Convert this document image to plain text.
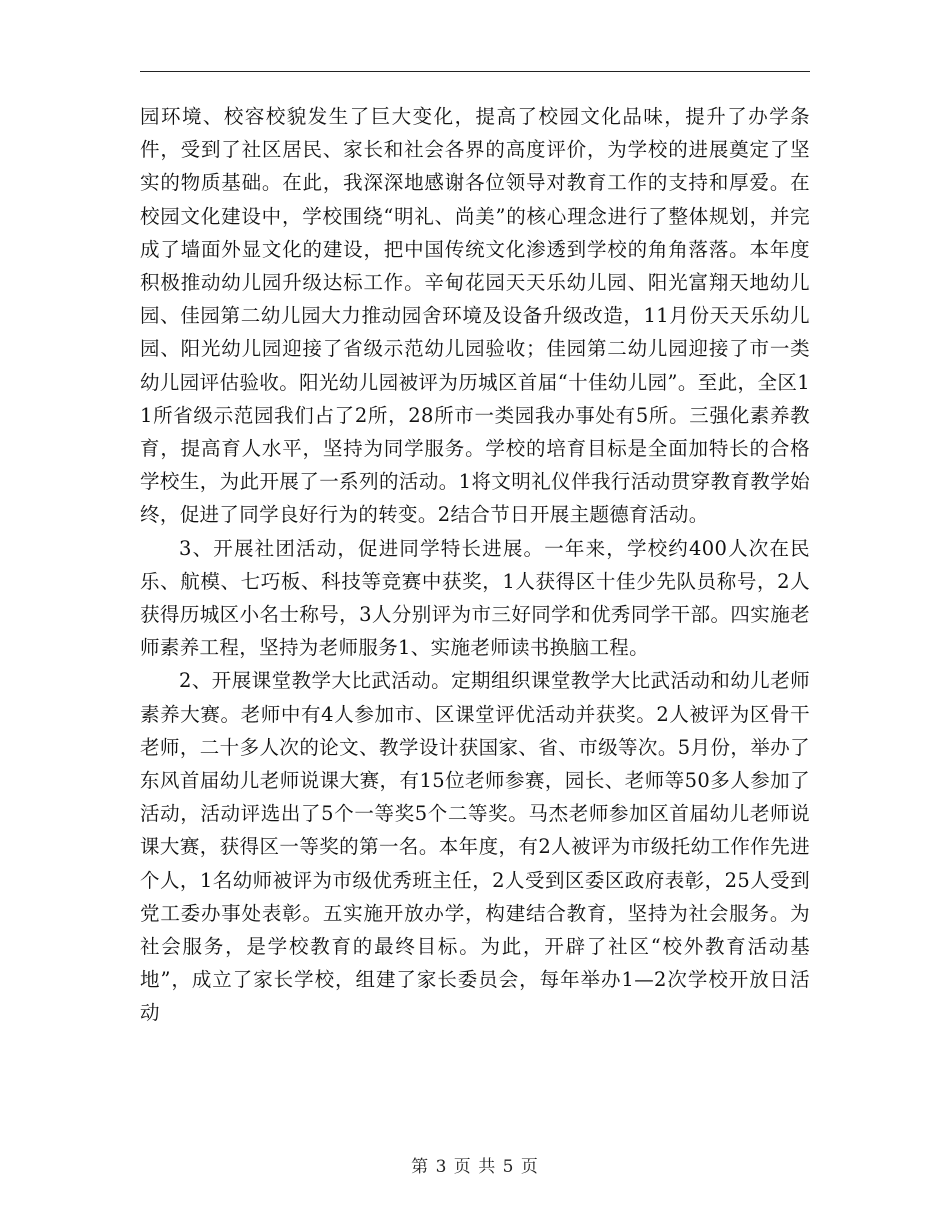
园环境、校容校貌发生了巨大变化，提高了校园文化品味，提升了办学条件，受到了社区居民、家长和社会各界的高度评价，为学校的进展奠定了坚实的物质基础。在此，我深深地感谢各位领导对教育工作的支持和厚爱。在校园文化建设中，学校围绕“明礼、尚美”的核心理念进行了整体规划，并完成了墙面外显文化的建设，把中国传统文化渗透到学校的角角落落。本年度积极推动幼儿园升级达标工作。辛甸花园天天乐幼儿园、阳光富翔天地幼儿园、佳园第二幼儿园大力推动园舍环境及设备升级改造，11月份天天乐幼儿园、阳光幼儿园迎接了省级示范幼儿园验收；佳园第二幼儿园迎接了市一类幼儿园评估验收。阳光幼儿园被评为历城区首届“十佳幼儿园”。至此，全区11所省级示范园我们占了2所，28所市一类园我办事处有5所。三强化素养教育，提高育人水平，坚持为同学服务。学校的培育目标是全面加特长的合格学校生，为此开展了一系列的活动。1将文明礼仪伴我行活动贯穿教育教学始终，促进了同学良好行为的转变。2结合节日开展主题德育活动。

3、开展社团活动，促进同学特长进展。一年来，学校约400人次在民乐、航模、七巧板、科技等竞赛中获奖，1人获得区十佳少先队员称号，2人获得历城区小名士称号，3人分别评为市三好同学和优秀同学干部。四实施老师素养工程，坚持为老师服务1、实施老师读书换脑工程。

2、开展课堂教学大比武活动。定期组织课堂教学大比武活动和幼儿老师素养大赛。老师中有4人参加市、区课堂评优活动并获奖。2人被评为区骨干老师，二十多人次的论文、教学设计获国家、省、市级等次。5月份，举办了东风首届幼儿老师说课大赛，有15位老师参赛，园长、老师等50多人参加了活动，活动评选出了5个一等奖5个二等奖。马杰老师参加区首届幼儿老师说课大赛，获得区一等奖的第一名。本年度，有2人被评为市级托幼工作作先进个人，1名幼师被评为市级优秀班主任，2人受到区委区政府表彰，25人受到党工委办事处表彰。五实施开放办学，构建结合教育，坚持为社会服务。为社会服务，是学校教育的最终目标。为此，开辟了社区“校外教育活动基地”，成立了家长学校，组建了家长委员会，每年举办1—2次学校开放日活动

第 3 页 共 5 页
